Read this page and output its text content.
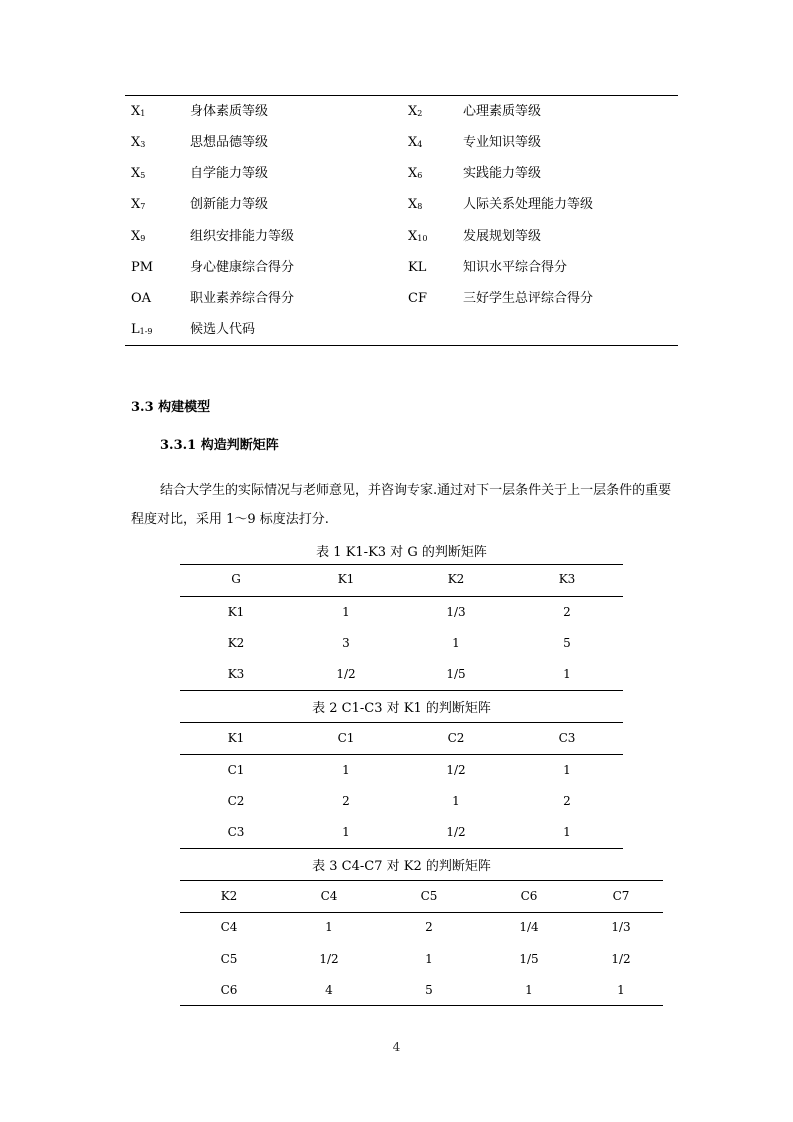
$X_1$	身体素质等级	$X_2$	心理素质等级
$X_3$	思想品德等级	$X_4$	专业知识等级
$X_5$	自学能力等级	$X_6$	实践能力等级
$X_7$	创新能力等级	$X_8$	人际关系处理能力等级
$X_9$	组织安排能力等级	$X_{10}$	发展规划等级
PM	身心健康综合得分	KL	知识水平综合得分
OA	职业素养综合得分	CF	三好学生总评综合得分
$L_{1-9}$	候选人代码
3.3 构建模型
3.3.1 构造判断矩阵
结合大学生的实际情况与老师意见，并咨询专家.通过对下一层条件关于上一层条件的重要
程度对比，采用 1～9 标度法打分.
表 1 K1-K3 对 G 的判断矩阵
G	K1	K2	K3
K1	1	1/3	2
K2	3	1	5
K3	1/2	1/5	1
表 2 C1-C3 对 K1 的判断矩阵
K1	C1	C2	C3
C1	1	1/2	1
C2	2	1	2
C3	1	1/2	1
表 3 C4-C7 对 K2 的判断矩阵
K2	C4	C5	C6	C7
C4	1	2	1/4	1/3
C5	1/2	1	1/5	1/2
C6	4	5	1	1
4
